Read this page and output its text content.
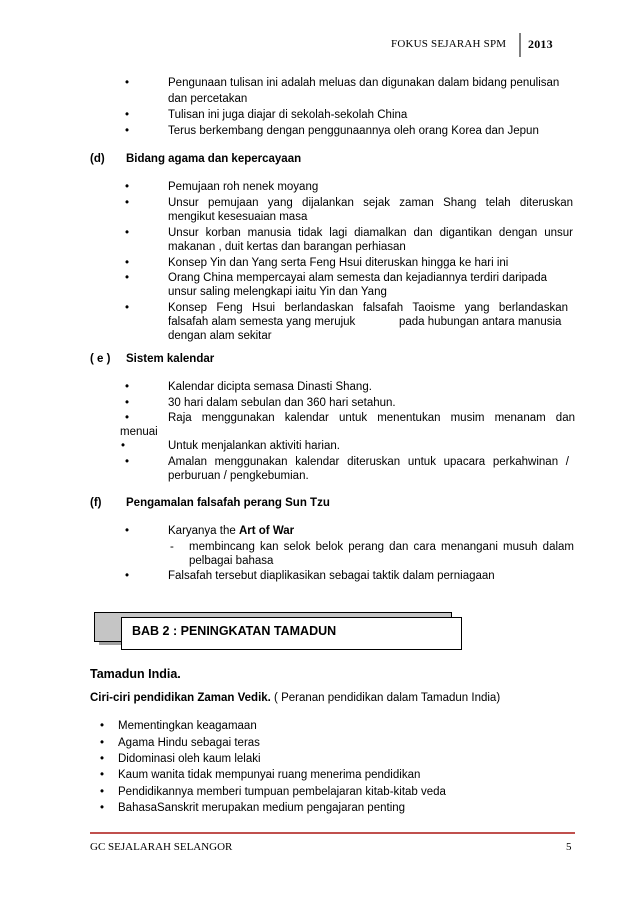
FOKUS SEJARAH SPM 2013
•	Pengunaan tulisan ini adalah meluas dan digunakan dalam bidang penulisan
dan percetakan
•	Tulisan ini juga diajar di sekolah-sekolah China
•	Terus berkembang dengan penggunaannya oleh orang Korea dan Jepun
(d) Bidang agama dan kepercayaan
•	Pemujaan roh nenek moyang
•	Unsur pemujaan yang dijalankan sejak zaman Shang telah diteruskan
mengikut kesesuaian masa
•	Unsur korban manusia tidak lagi diamalkan dan digantikan dengan unsur
makanan , duit kertas dan barangan perhiasan
•	Konsep Yin dan Yang serta Feng Hsui diteruskan hingga ke hari ini
•	Orang China mempercayai alam semesta dan kejadiannya terdiri daripada
unsur saling melengkapi iaitu Yin dan Yang
•	Konsep Feng Hsui berlandaskan falsafah Taoisme yang berlandaskan
falsafah alam semesta yang merujuk	pada hubungan antara manusia
dengan alam sekitar
( e ) Sistem kalendar
•	Kalendar dicipta semasa Dinasti Shang.
•	30 hari dalam sebulan dan 360 hari setahun.
•	Raja menggunakan kalendar untuk menentukan musim menanam dan
menuai
•	Untuk menjalankan aktiviti harian.
•	Amalan menggunakan kalendar diteruskan untuk upacara perkahwinan /
perburuan / pengkebumian.
(f) Pengamalan falsafah perang Sun Tzu
•	Karyanya the Art of War
- membincang kan selok belok perang dan cara menangani musuh dalam
pelbagai bahasa
•	Falsafah tersebut diaplikasikan sebagai taktik dalam perniagaan
BAB 2 : PENINGKATAN TAMADUN
Tamadun India.
Ciri-ciri pendidikan Zaman Vedik. ( Peranan pendidikan dalam Tamadun India)
• Mementingkan keagamaan
• Agama Hindu sebagai teras
• Didominasi oleh kaum lelaki
• Kaum wanita tidak mempunyai ruang menerima pendidikan
• Pendidikannya memberi tumpuan pembelajaran kitab-kitab veda
• BahasaSanskrit merupakan medium pengajaran penting
GC SEJALARAH SELANGOR	5
